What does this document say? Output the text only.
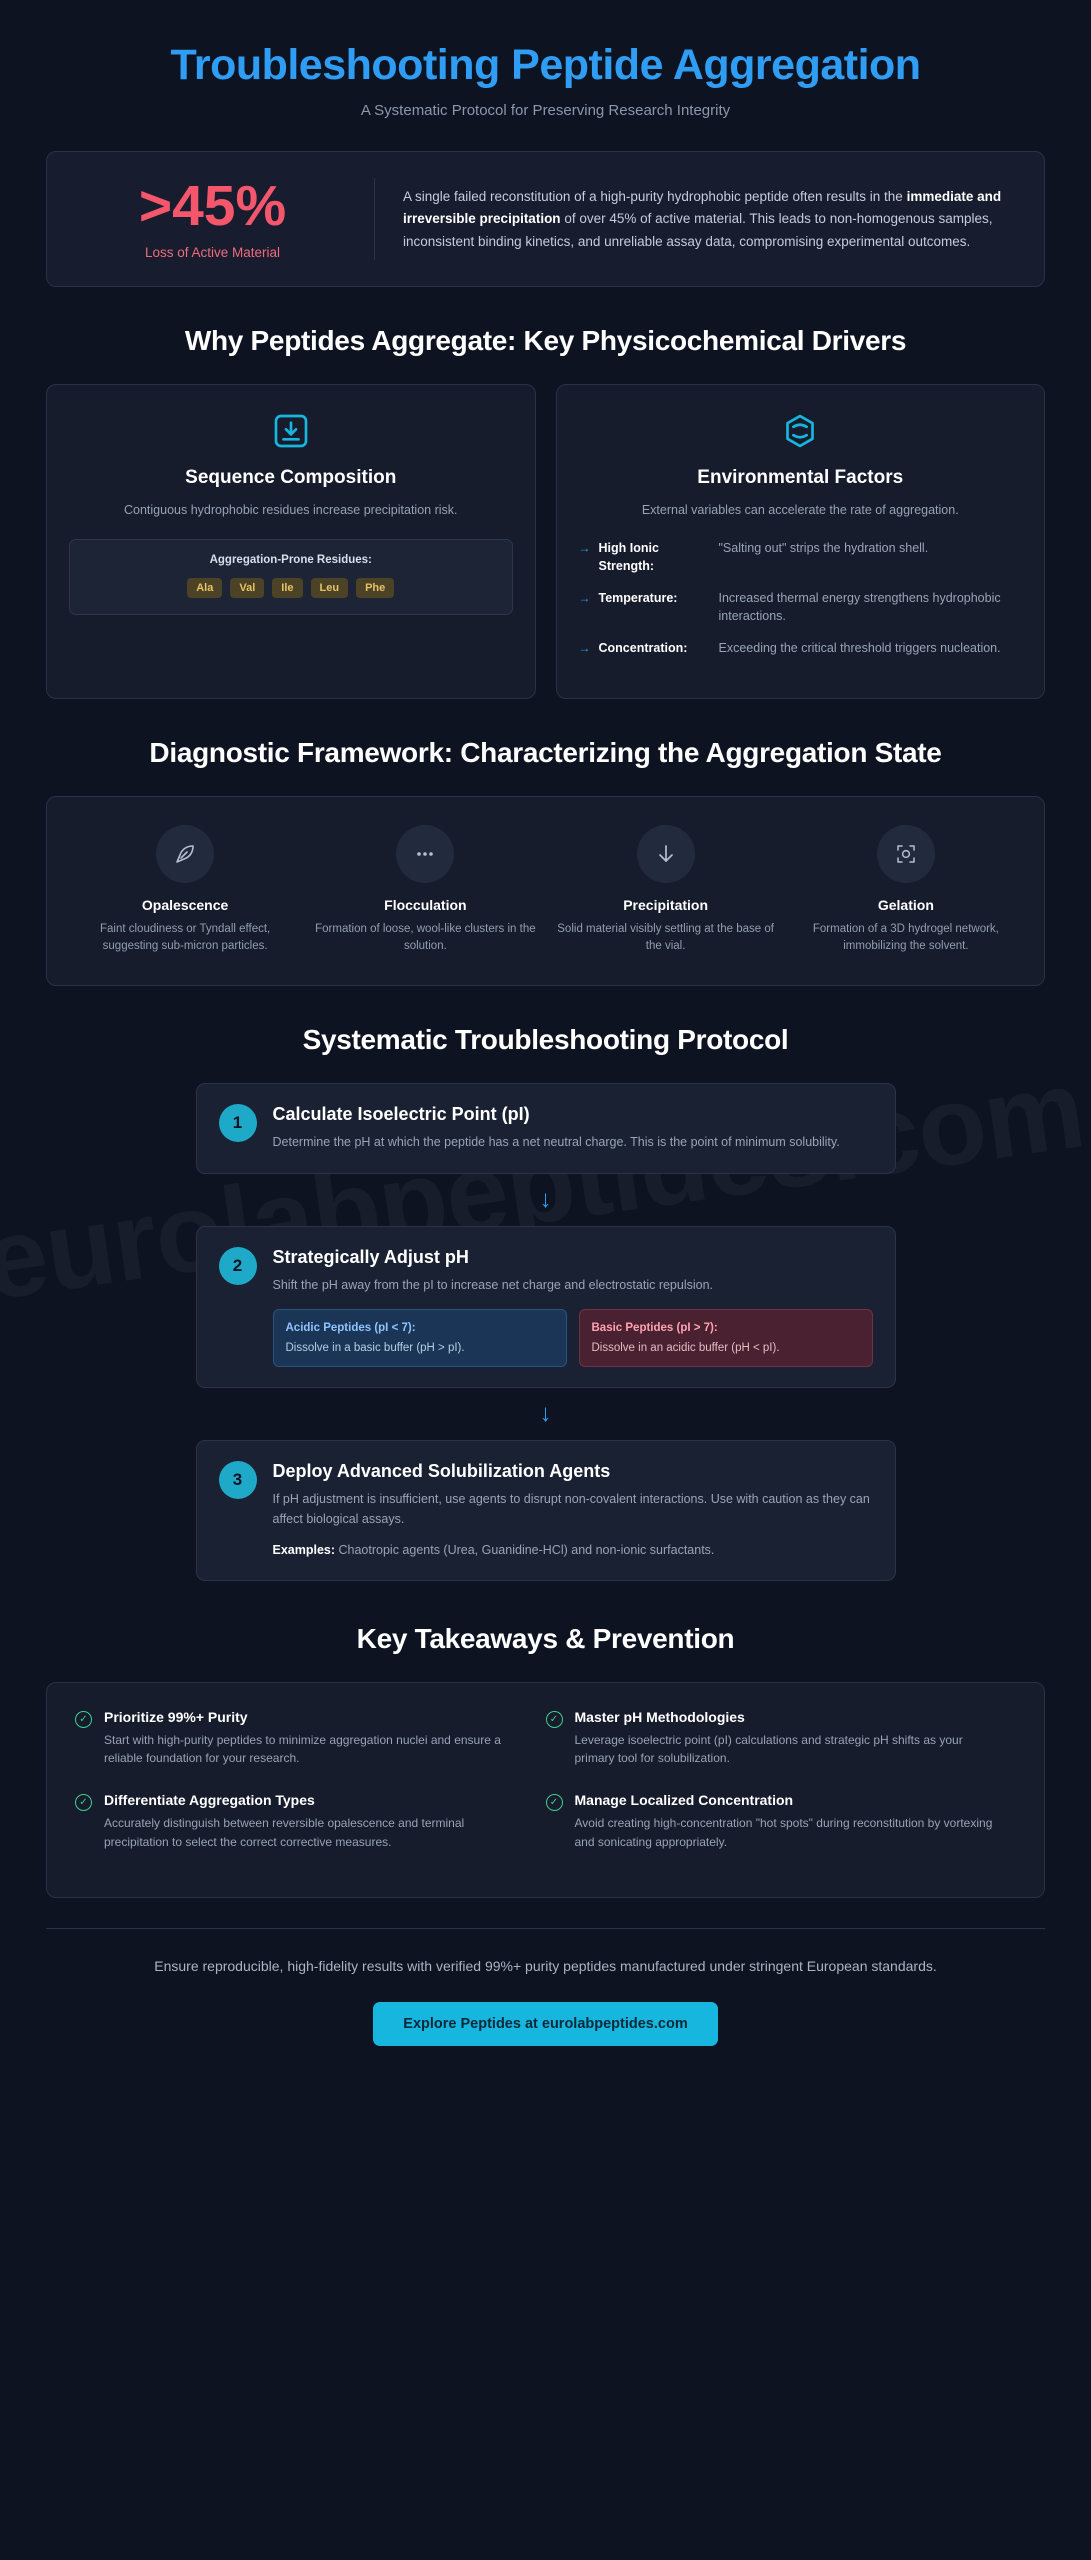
Troubleshooting Peptide Aggregation
A Systematic Protocol for Preserving Research Integrity
>45%
Loss of Active Material
A single failed reconstitution of a high-purity hydrophobic peptide often results in the immediate and irreversible precipitation of over 45% of active material. This leads to non-homogenous samples, inconsistent binding kinetics, and unreliable assay data, compromising experimental outcomes.
Why Peptides Aggregate: Key Physicochemical Drivers
Sequence Composition
Contiguous hydrophobic residues increase precipitation risk.
Aggregation-Prone Residues:
Ala	Val	Ile	Leu	Phe
Environmental Factors
External variables can accelerate the rate of aggregation.
→ High Ionic Strength:
"Salting out" strips the hydration shell.
→ Temperature:	Increased thermal energy strengthens hydrophobic interactions.
→ Concentration:	Exceeding the critical threshold triggers nucleation.
Diagnostic Framework: Characterizing the Aggregation State
Opalescence
Faint cloudiness or Tyndall effect, suggesting sub-micron particles.
Flocculation
Formation of loose, wool-like clusters in the solution.
Precipitation
Solid material visibly settling at the base of the vial.
Gelation
Formation of a 3D hydrogel network, immobilizing the solvent.
Systematic Troubleshooting Protocol
1	Calculate Isoelectric Point (pI)
Determine the pH at which the peptide has a net neutral charge. This is the point of minimum solubility.
↓
2	Strategically Adjust pH
Shift the pH away from the pI to increase net charge and electrostatic repulsion.
Acidic Peptides (pI < 7):
Dissolve in a basic buffer (pH > pI).
Basic Peptides (pI > 7):
Dissolve in an acidic buffer (pH < pI).
↓
3	Deploy Advanced Solubilization Agents
If pH adjustment is insufficient, use agents to disrupt non-covalent interactions. Use with caution as they can affect biological assays.
Examples: Chaotropic agents (Urea, Guanidine-HCl) and non-ionic surfactants.
Key Takeaways & Prevention
✓	Prioritize 99%+ Purity
Start with high-purity peptides to minimize aggregation nuclei and ensure a reliable foundation for your research.
✓	Master pH Methodologies
Leverage isoelectric point (pI) calculations and strategic pH shifts as your primary tool for solubilization.
✓	Differentiate Aggregation Types
Accurately distinguish between reversible opalescence and terminal precipitation to select the correct corrective measures.
✓	Manage Localized Concentration
Avoid creating high-concentration "hot spots" during reconstitution by vortexing and sonicating appropriately.
Ensure reproducible, high-fidelity results with verified 99%+ purity peptides manufactured under stringent European standards.
Explore Peptides at eurolabpeptides.com
